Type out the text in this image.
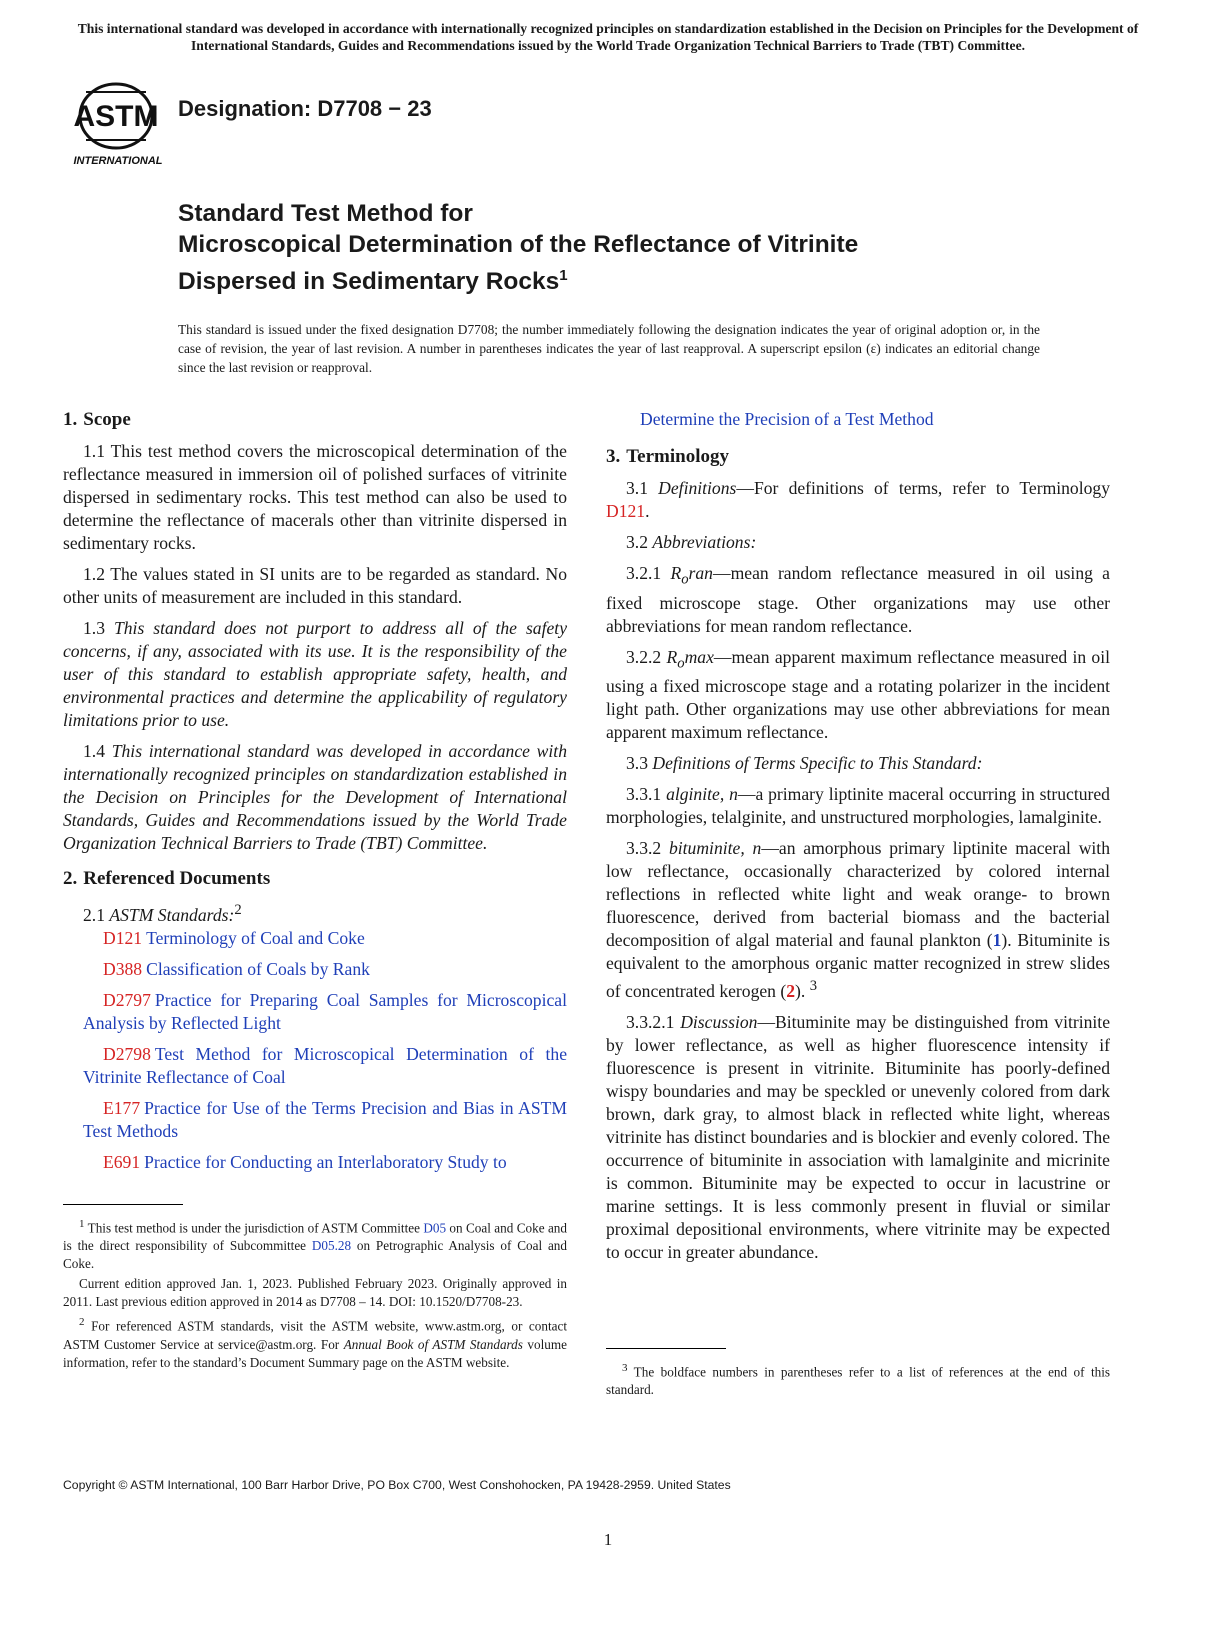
This international standard was developed in accordance with internationally recognized principles on standardization established in the Decision on Principles for the Development of International Standards, Guides and Recommendations issued by the World Trade Organization Technical Barriers to Trade (TBT) Committee.
ASTM
INTERNATIONAL
Designation: D7708 − 23
Standard Test Method for
Microscopical Determination of the Reflectance of Vitrinite
Dispersed in Sedimentary Rocks$^1$
This standard is issued under the fixed designation D7708; the number immediately following the designation indicates the year of original adoption or, in the case of revision, the year of last revision. A number in parentheses indicates the year of last reapproval. A superscript epsilon (ε) indicates an editorial change since the last revision or reapproval.
1. Scope

1.1 This test method covers the microscopical determination of the reflectance measured in immersion oil of polished surfaces of vitrinite dispersed in sedimentary rocks. This test method can also be used to determine the reflectance of macerals other than vitrinite dispersed in sedimentary rocks.

1.2 The values stated in SI units are to be regarded as standard. No other units of measurement are included in this standard.

1.3 This standard does not purport to address all of the safety concerns, if any, associated with its use. It is the responsibility of the user of this standard to establish appropriate safety, health, and environmental practices and determine the applicability of regulatory limitations prior to use.

1.4 This international standard was developed in accordance with internationally recognized principles on standardization established in the Decision on Principles for the Development of International Standards, Guides and Recommendations issued by the World Trade Organization Technical Barriers to Trade (TBT) Committee.

2. Referenced Documents

2.1 ASTM Standards:$^2$

D121 Terminology of Coal and Coke

D388 Classification of Coals by Rank

D2797 Practice for Preparing Coal Samples for Microscopical Analysis by Reflected Light

D2798 Test Method for Microscopical Determination of the Vitrinite Reflectance of Coal

E177 Practice for Use of the Terms Precision and Bias in ASTM Test Methods

E691 Practice for Conducting an Interlaboratory Study to

$^1$ This test method is under the jurisdiction of ASTM Committee D05 on Coal and Coke and is the direct responsibility of Subcommittee D05.28 on Petrographic Analysis of Coal and Coke.

Current edition approved Jan. 1, 2023. Published February 2023. Originally approved in 2011. Last previous edition approved in 2014 as D7708 – 14. DOI: 10.1520/D7708-23.

$^2$ For referenced ASTM standards, visit the ASTM website, www.astm.org, or contact ASTM Customer Service at service@astm.org. For Annual Book of ASTM Standards volume information, refer to the standard’s Document Summary page on the ASTM website.

Determine the Precision of a Test Method

3. Terminology

3.1 Definitions—For definitions of terms, refer to Terminology D121.

3.2 Abbreviations:

3.2.1 $R_oran—mean$ random reflectance measured in oil using a fixed microscope stage. Other organizations may use other abbreviations for mean random reflectance.

3.2.2 $R_o\max—mean$ apparent maximum reflectance measured in oil using a fixed microscope stage and a rotating polarizer in the incident light path. Other organizations may use other abbreviations for mean apparent maximum reflectance.

3.3 Definitions of Terms Specific to This Standard:

3.3.1 alginite, n—a primary liptinite maceral occurring in structured morphologies, telalginite, and unstructured morphologies, lamalginite.

3.3.2 bituminite, n—an amorphous primary liptinite maceral with low reflectance, occasionally characterized by colored internal reflections in reflected white light and weak orange- to brown fluorescence, derived from bacterial biomass and the bacterial decomposition of algal material and faunal plankton (1). Bituminite is equivalent to the amorphous organic matter recognized in strew slides of concentrated kerogen (2). $^3$

3.3.2.1 Discussion—Bituminite may be distinguished from vitrinite by lower reflectance, as well as higher fluorescence intensity if fluorescence is present in vitrinite. Bituminite has poorly-defined wispy boundaries and may be speckled or unevenly colored from dark brown, dark gray, to almost black in reflected white light, whereas vitrinite has distinct boundaries and is blockier and evenly colored. The occurrence of bituminite in association with lamalginite and micrinite is common. Bituminite may be expected to occur in lacustrine or marine settings. It is less commonly present in fluvial or similar proximal depositional environments, where vitrinite may be expected to occur in greater abundance.

$^3$ The boldface numbers in parentheses refer to a list of references at the end of this standard.

Copyright © ASTM International, 100 Barr Harbor Drive, PO Box C700, West Conshohocken, PA 19428-2959. United States
1
